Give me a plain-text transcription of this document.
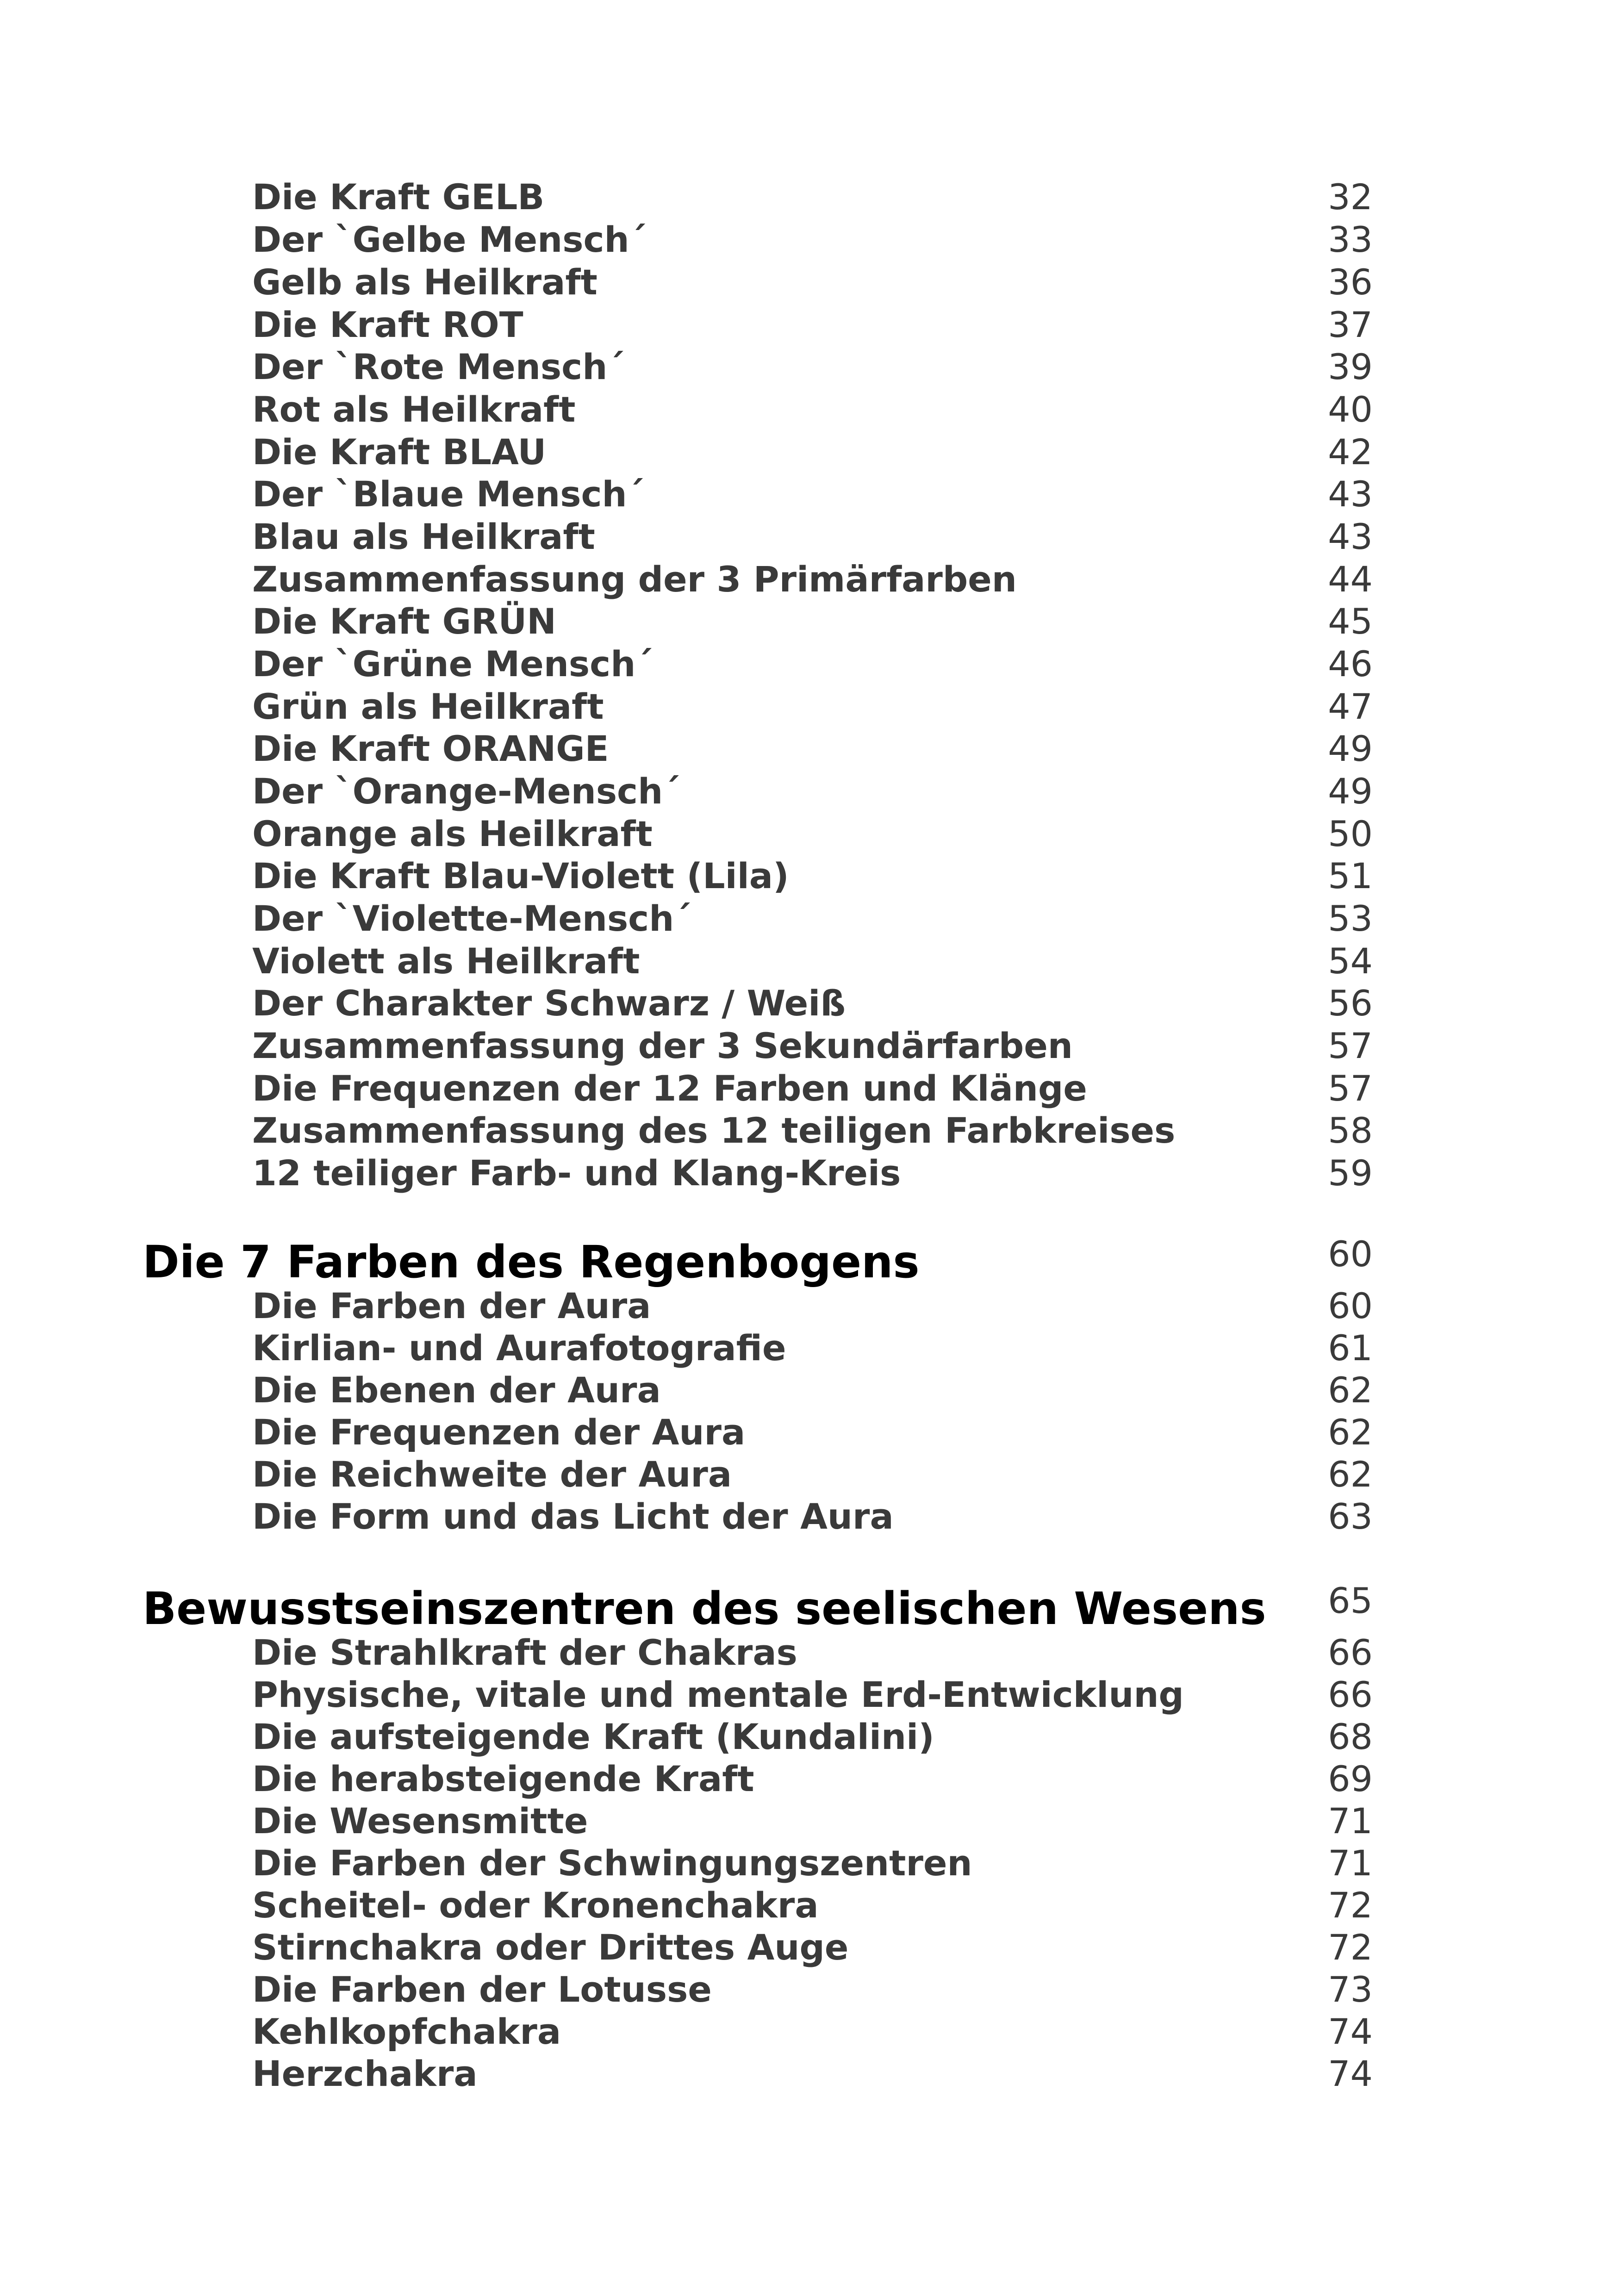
Die Kraft GELB	32
Der `Gelbe Mensch´	33
Gelb als Heilkraft	36
Die Kraft ROT	37
Der `Rote Mensch´	39
Rot als Heilkraft	40
Die Kraft BLAU	42
Der `Blaue Mensch´	43
Blau als Heilkraft	43
Zusammenfassung der 3 Primärfarben	44
Die Kraft GRÜN	45
Der `Grüne Mensch´	46
Grün als Heilkraft	47
Die Kraft ORANGE	49
Der `Orange-Mensch´	49
Orange als Heilkraft	50
Die Kraft Blau-Violett (Lila)	51
Der `Violette-Mensch´	53
Violett als Heilkraft	54
Der Charakter Schwarz / Weiß	56
Zusammenfassung der 3 Sekundärfarben	57
Die Frequenzen der 12 Farben und Klänge	57
Zusammenfassung des 12 teiligen Farbkreises	58
12 teiliger Farb- und Klang-Kreis	59
Die 7 Farben des Regenbogens	60
Die Farben der Aura	60
Kirlian- und Aurafotografie	61
Die Ebenen der Aura	62
Die Frequenzen der Aura	62
Die Reichweite der Aura	62
Die Form und das Licht der Aura	63
Bewusstseinszentren des seelischen Wesens 65
Die Strahlkraft der Chakras	66
Physische, vitale und mentale Erd-Entwicklung	66
Die aufsteigende Kraft (Kundalini)	68
Die herabsteigende Kraft	69
Die Wesensmitte	71
Die Farben der Schwingungszentren	71
Scheitel- oder Kronenchakra	72
Stirnchakra oder Drittes Auge	72
Die Farben der Lotusse	73
Kehlkopfchakra	74
Herzchakra	74
